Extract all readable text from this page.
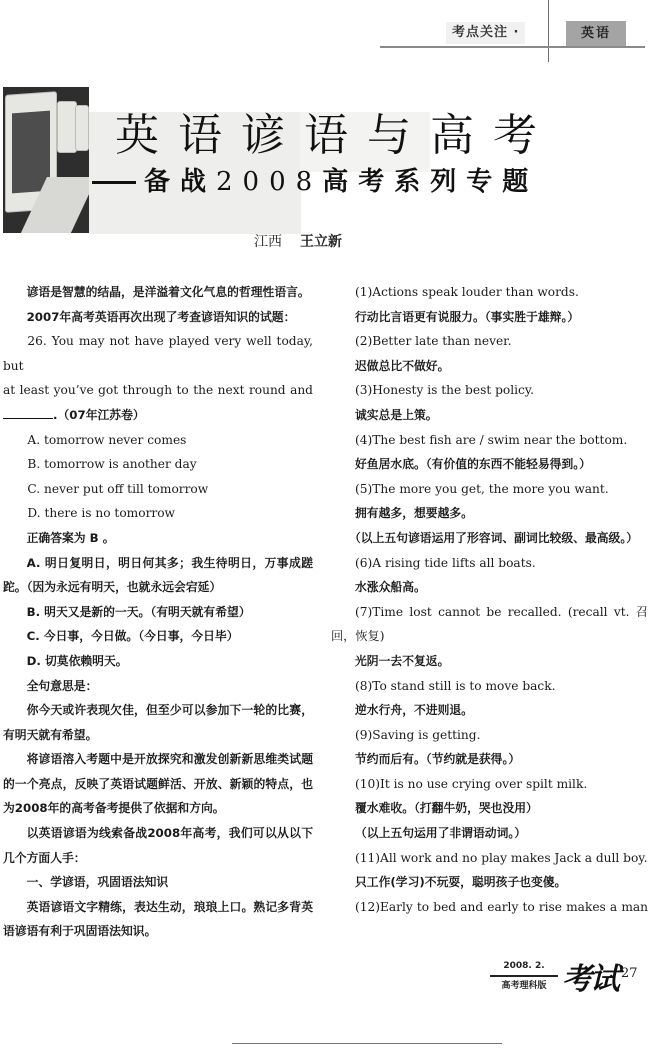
考点关注 ·	英语
英语谚语与高考
备战2008高考系列专题
江西 王立新
谚语是智慧的结晶，是洋溢着文化气息的哲理性语言。
2007年高考英语再次出现了考查谚语知识的试题：
26. You may not have played very well today, but
at least you’ve got through to the next round and
.（07年江苏卷）
A. tomorrow never comes
B. tomorrow is another day
C. never put off till tomorrow
D. there is no tomorrow
正确答案为 B 。
A. 明日复明日，明日何其多；我生待明日，万事成蹉跎。（因为永远有明天，也就永远会宕延）
B. 明天又是新的一天。（有明天就有希望）
C. 今日事，今日做。（今日事，今日毕）
D. 切莫依赖明天。
全句意思是：
你今天或许表现欠佳，但至少可以参加下一轮的比赛，有明天就有希望。
将谚语溶入考题中是开放探究和激发创新新思维类试题的一个亮点，反映了英语试题鲜活、开放、新颖的特点，也为2008年的高考备考提供了依据和方向。
以英语谚语为线索备战2008年高考，我们可以从以下几个方面人手：
一、学谚语，巩固语法知识
英语谚语文字精练，表达生动，琅琅上口。熟记多背英语谚语有利于巩固语法知识。
(1)Actions speak louder than words.
行动比言语更有说服力。（事实胜于雄辩。）
(2)Better late than never.
迟做总比不做好。
(3)Honesty is the best policy.
诚实总是上策。
(4)The best fish are / swim near the bottom.
好鱼居水底。（有价值的东西不能轻易得到。）
(5)The more you get, the more you want.
拥有越多，想要越多。
（以上五句谚语运用了形容词、副词比较级、最高级。）
(6)A rising tide lifts all boats.
水涨众船高。
(7)Time lost cannot be recalled. (recall vt. 召回，恢复)
光阴一去不复返。
(8)To stand still is to move back.
逆水行舟，不进则退。
(9)Saving is getting.
节约而后有。（节约就是获得。）
(10)It is no use crying over spilt milk.
覆水难收。（打翻牛奶，哭也没用）
（以上五句运用了非谓语动词。）
(11)All work and no play makes Jack a dull boy.
只工作(学习)不玩耍，聪明孩子也变傻。
(12)Early to bed and early to rise makes a man
2008. 2.
高考理科版 考试 27
